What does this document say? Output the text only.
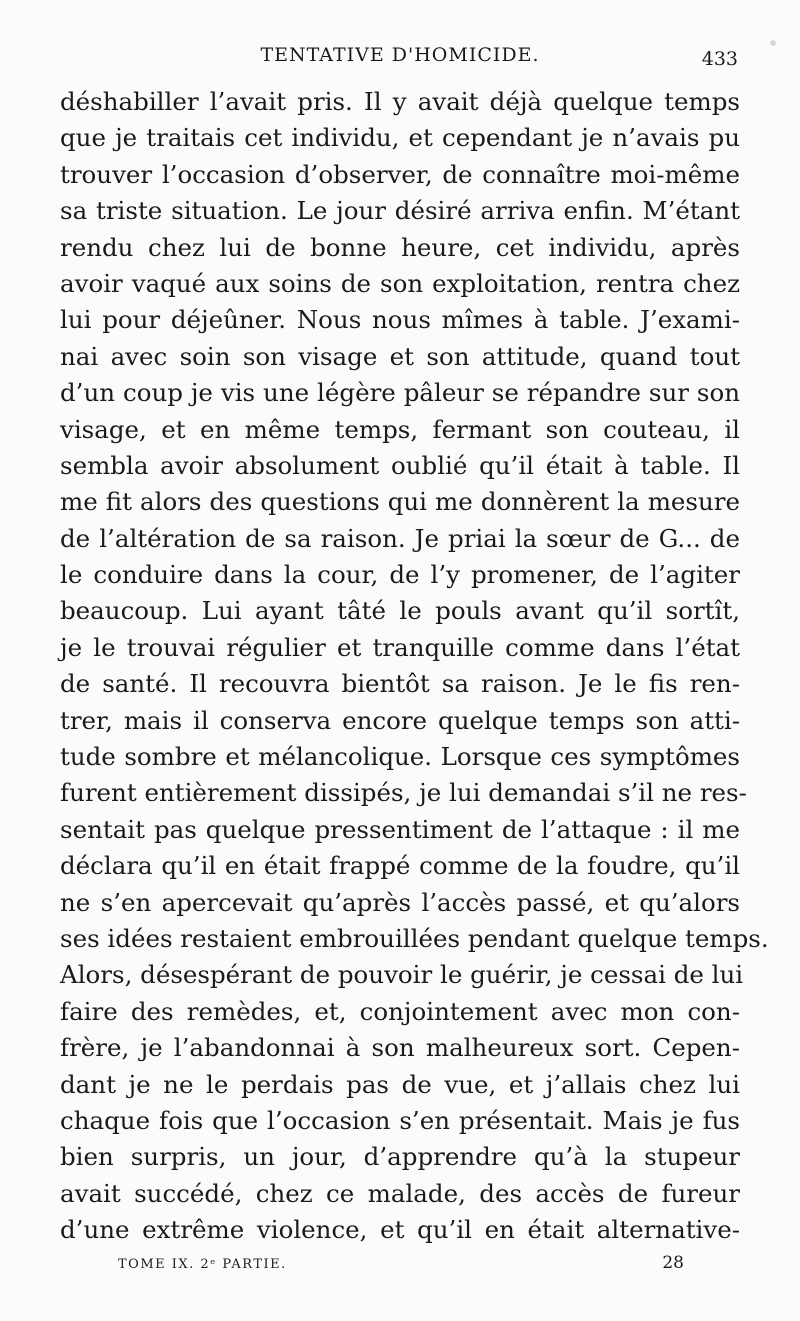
TENTATIVE D'HOMICIDE.	433
déshabiller l’avait pris. Il y avait déjà quelque temps
que je traitais cet individu, et cependant je n’avais pu
trouver l’occasion d’observer, de connaître moi-même
sa triste situation. Le jour désiré arriva enfin. M’étant
rendu chez lui de bonne heure, cet individu, après
avoir vaqué aux soins de son exploitation, rentra chez
lui pour déjeûner. Nous nous mîmes à table. J’exami-
nai avec soin son visage et son attitude, quand tout
d’un coup je vis une légère pâleur se répandre sur son
visage, et en même temps, fermant son couteau, il
sembla avoir absolument oublié qu’il était à table. Il
me fit alors des questions qui me donnèrent la mesure
de l’altération de sa raison. Je priai la sœur de G... de
le conduire dans la cour, de l’y promener, de l’agiter
beaucoup. Lui ayant tâté le pouls avant qu’il sortît,
je le trouvai régulier et tranquille comme dans l’état
de santé. Il recouvra bientôt sa raison. Je le fis ren-
trer, mais il conserva encore quelque temps son atti-
tude sombre et mélancolique. Lorsque ces symptômes
furent entièrement dissipés, je lui demandai s’il ne res-
sentait pas quelque pressentiment de l’attaque : il me
déclara qu’il en était frappé comme de la foudre, qu’il
ne s’en apercevait qu’après l’accès passé, et qu’alors
ses idées restaient embrouillées pendant quelque temps.
Alors, désespérant de pouvoir le guérir, je cessai de lui
faire des remèdes, et, conjointement avec mon con-
frère, je l’abandonnai à son malheureux sort. Cepen-
dant je ne le perdais pas de vue, et j’allais chez lui
chaque fois que l’occasion s’en présentait. Mais je fus
bien surpris, un jour, d’apprendre qu’à la stupeur
avait succédé, chez ce malade, des accès de fureur
d’une extrême violence, et qu’il en était alternative-
TOME IX. 2ᵉ PARTIE.	28
